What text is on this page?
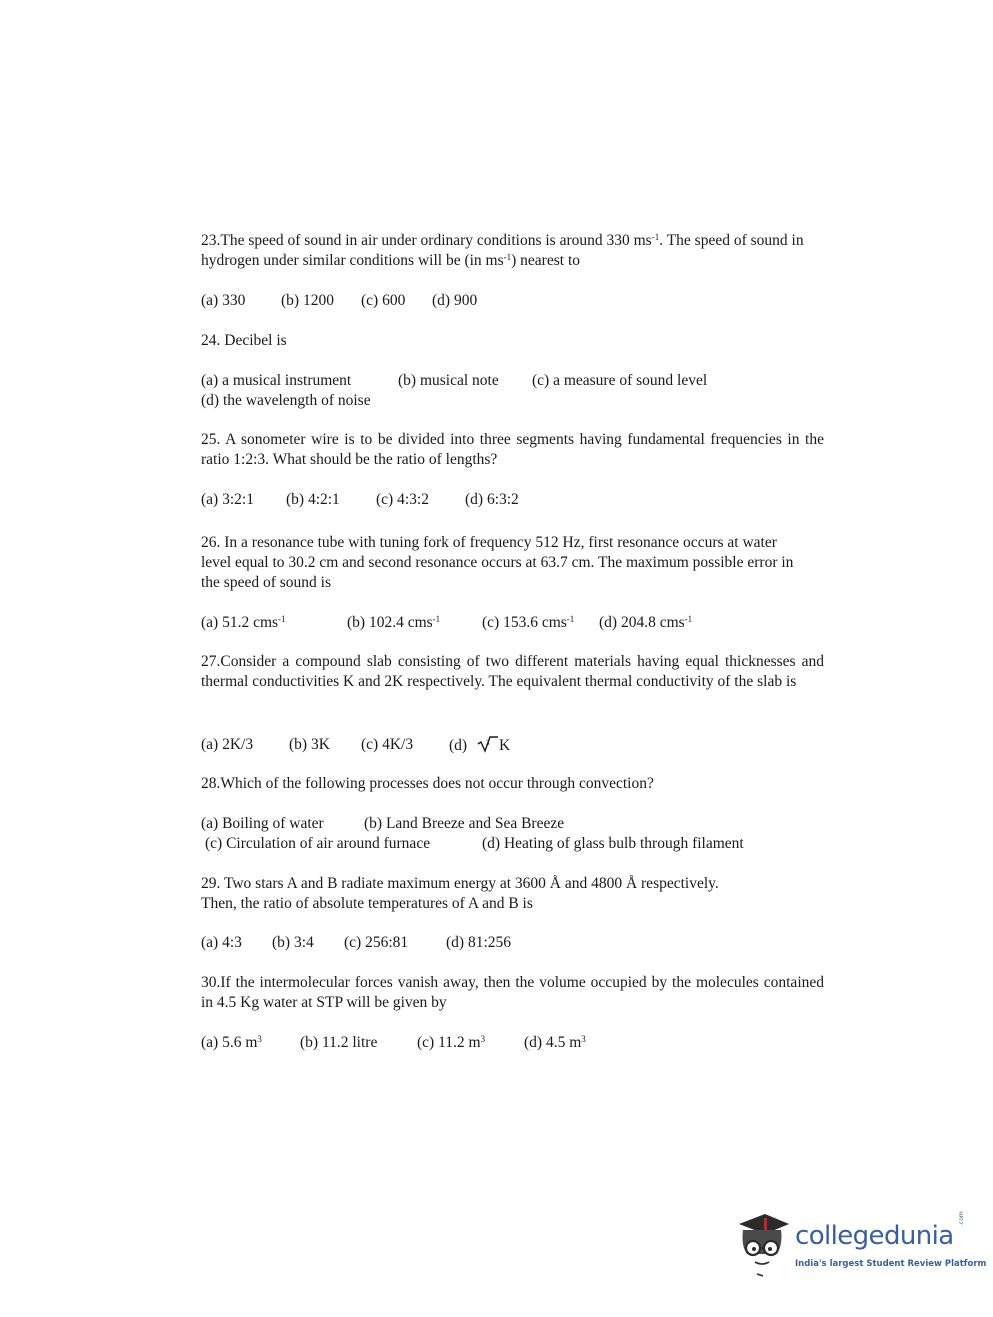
23.The speed of sound in air under ordinary conditions is around 330 $ms^{-1}$. The speed of sound in hydrogen under similar conditions will be (in $ms^{-1}$) nearest to

(a) 330 (b) 1200 (c) 600 (d) 900

24. Decibel is

(a) a musical instrument	(b) musical note (c) a measure of sound level
(d) the wavelength of noise

25. A sonometer wire is to be divided into three segments having fundamental frequencies in the ratio 1:2:3. What should be the ratio of lengths?

(a) 3:2:1 (b) 4:2:1 (c) 4:3:2 (d) 6:3:2

26. In a resonance tube with tuning fork of frequency 512 Hz, first resonance occurs at water level equal to 30.2 cm and second resonance occurs at 63.7 cm. The maximum possible error in the speed of sound is

(a) 51.2 cms$^{-1}$	(b) 102.4 cms$^{-1}$	(c) 153.6 cms$^{-1}$ (d) 204.8 cms$^{-1}$

27.Consider a compound slab consisting of two different materials having equal thicknesses and thermal conductivities K and 2K respectively. The equivalent thermal conductivity of the slab is

(a) 2K/3 (b) 3K (c) 4K/3 (d)	3 K

28.Which of the following processes does not occur through convection?

(a) Boiling of water	(b) Land Breeze and Sea Breeze
(c) Circulation of air around furnace	(d) Heating of glass bulb through filament
29. Two stars A and B radiate maximum energy at 3600 Å and 4800 Å respectively.
Then, the ratio of absolute temperatures of A and B is
(a) 4:3 (b) 3:4 (c) 256:81 (d) 81:256

30.If the intermolecular forces vanish away, then the volume occupied by the molecules contained in 4.5 Kg water at STP will be given by

(a) 5.6 $m^3$ (b) 11.2 litre	(c) 11.2 $m^3$	(d) 4.5 $m^3$
collegedunia
.com
India's largest Student Review Platform
